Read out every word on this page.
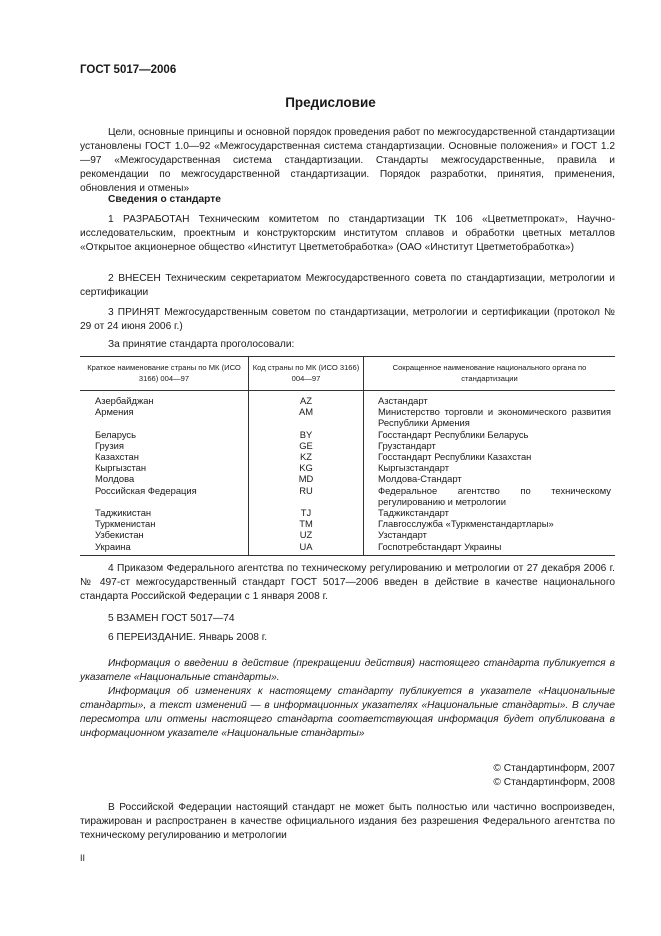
ГОСТ 5017—2006
Предисловие

Цели, основные принципы и основной порядок проведения работ по межгосударственной стандартизации установлены ГОСТ 1.0—92 «Межгосударственная система стандартизации. Основные положения» и ГОСТ 1.2—97 «Межгосударственная система стандартизации. Стандарты межгосударственные, правила и рекомендации по межгосударственной стандартизации. Порядок разработки, принятия, применения, обновления и отмены»

Сведения о стандарте

1 РАЗРАБОТАН Техническим комитетом по стандартизации ТК 106 «Цветметпрокат», Научно-исследовательским, проектным и конструкторским институтом сплавов и обработки цветных металлов «Открытое акционерное общество «Институт Цветметобработка» (ОАО «Институт Цветметобработка»)

2 ВНЕСЕН Техническим секретариатом Межгосударственного совета по стандартизации, метрологии и сертификации

3 ПРИНЯТ Межгосударственным советом по стандартизации, метрологии и сертификации (протокол № 29 от 24 июня 2006 г.)

За принятие стандарта проголосовали:

Краткое наименование страны по МК (ИСО 3166) 004—97	Код страны по МК (ИСО 3166) 004—97	Сокращенное наименование национального органа по стандартизации
Азербайджан	AZ	Азстандарт
Армения	AM	Министерство торговли и экономического развития Республики Армения
Беларусь	BY	Госстандарт Республики Беларусь
Грузия	GE	Грузстандарт
Казахстан	KZ	Госстандарт Республики Казахстан
Кыргызстан	KG	Кыргызстандарт
Молдова	MD	Молдова-Стандарт
Российская Федерация	RU	Федеральное агентство по техническому регулированию и метрологии
Таджикистан	TJ	Таджикстандарт
Туркменистан	TM	Главгосслужба «Туркменстандартлары»
Узбекистан	UZ	Узстандарт
Украина	UA	Госпотребстандарт Украины

4 Приказом Федерального агентства по техническому регулированию и метрологии от 27 декабря 2006 г. № 497-ст межгосударственный стандарт ГОСТ 5017—2006 введен в действие в качестве национального стандарта Российской Федерации с 1 января 2008 г.

5 ВЗАМЕН ГОСТ 5017—74

6 ПЕРЕИЗДАНИЕ. Январь 2008 г.

Информация о введении в действие (прекращении действия) настоящего стандарта публикуется в указателе «Национальные стандарты».

Информация об изменениях к настоящему стандарту публикуется в указателе «Национальные стандарты», а текст изменений — в информационных указателях «Национальные стандарты». В случае пересмотра или отмены настоящего стандарта соответствующая информация будет опубликована в информационном указателе «Национальные стандарты»

© Стандартинформ, 2007
© Стандартинформ, 2008

В Российской Федерации настоящий стандарт не может быть полностью или частично воспроизведен, тиражирован и распространен в качестве официального издания без разрешения Федерального агентства по техническому регулированию и метрологии

II
